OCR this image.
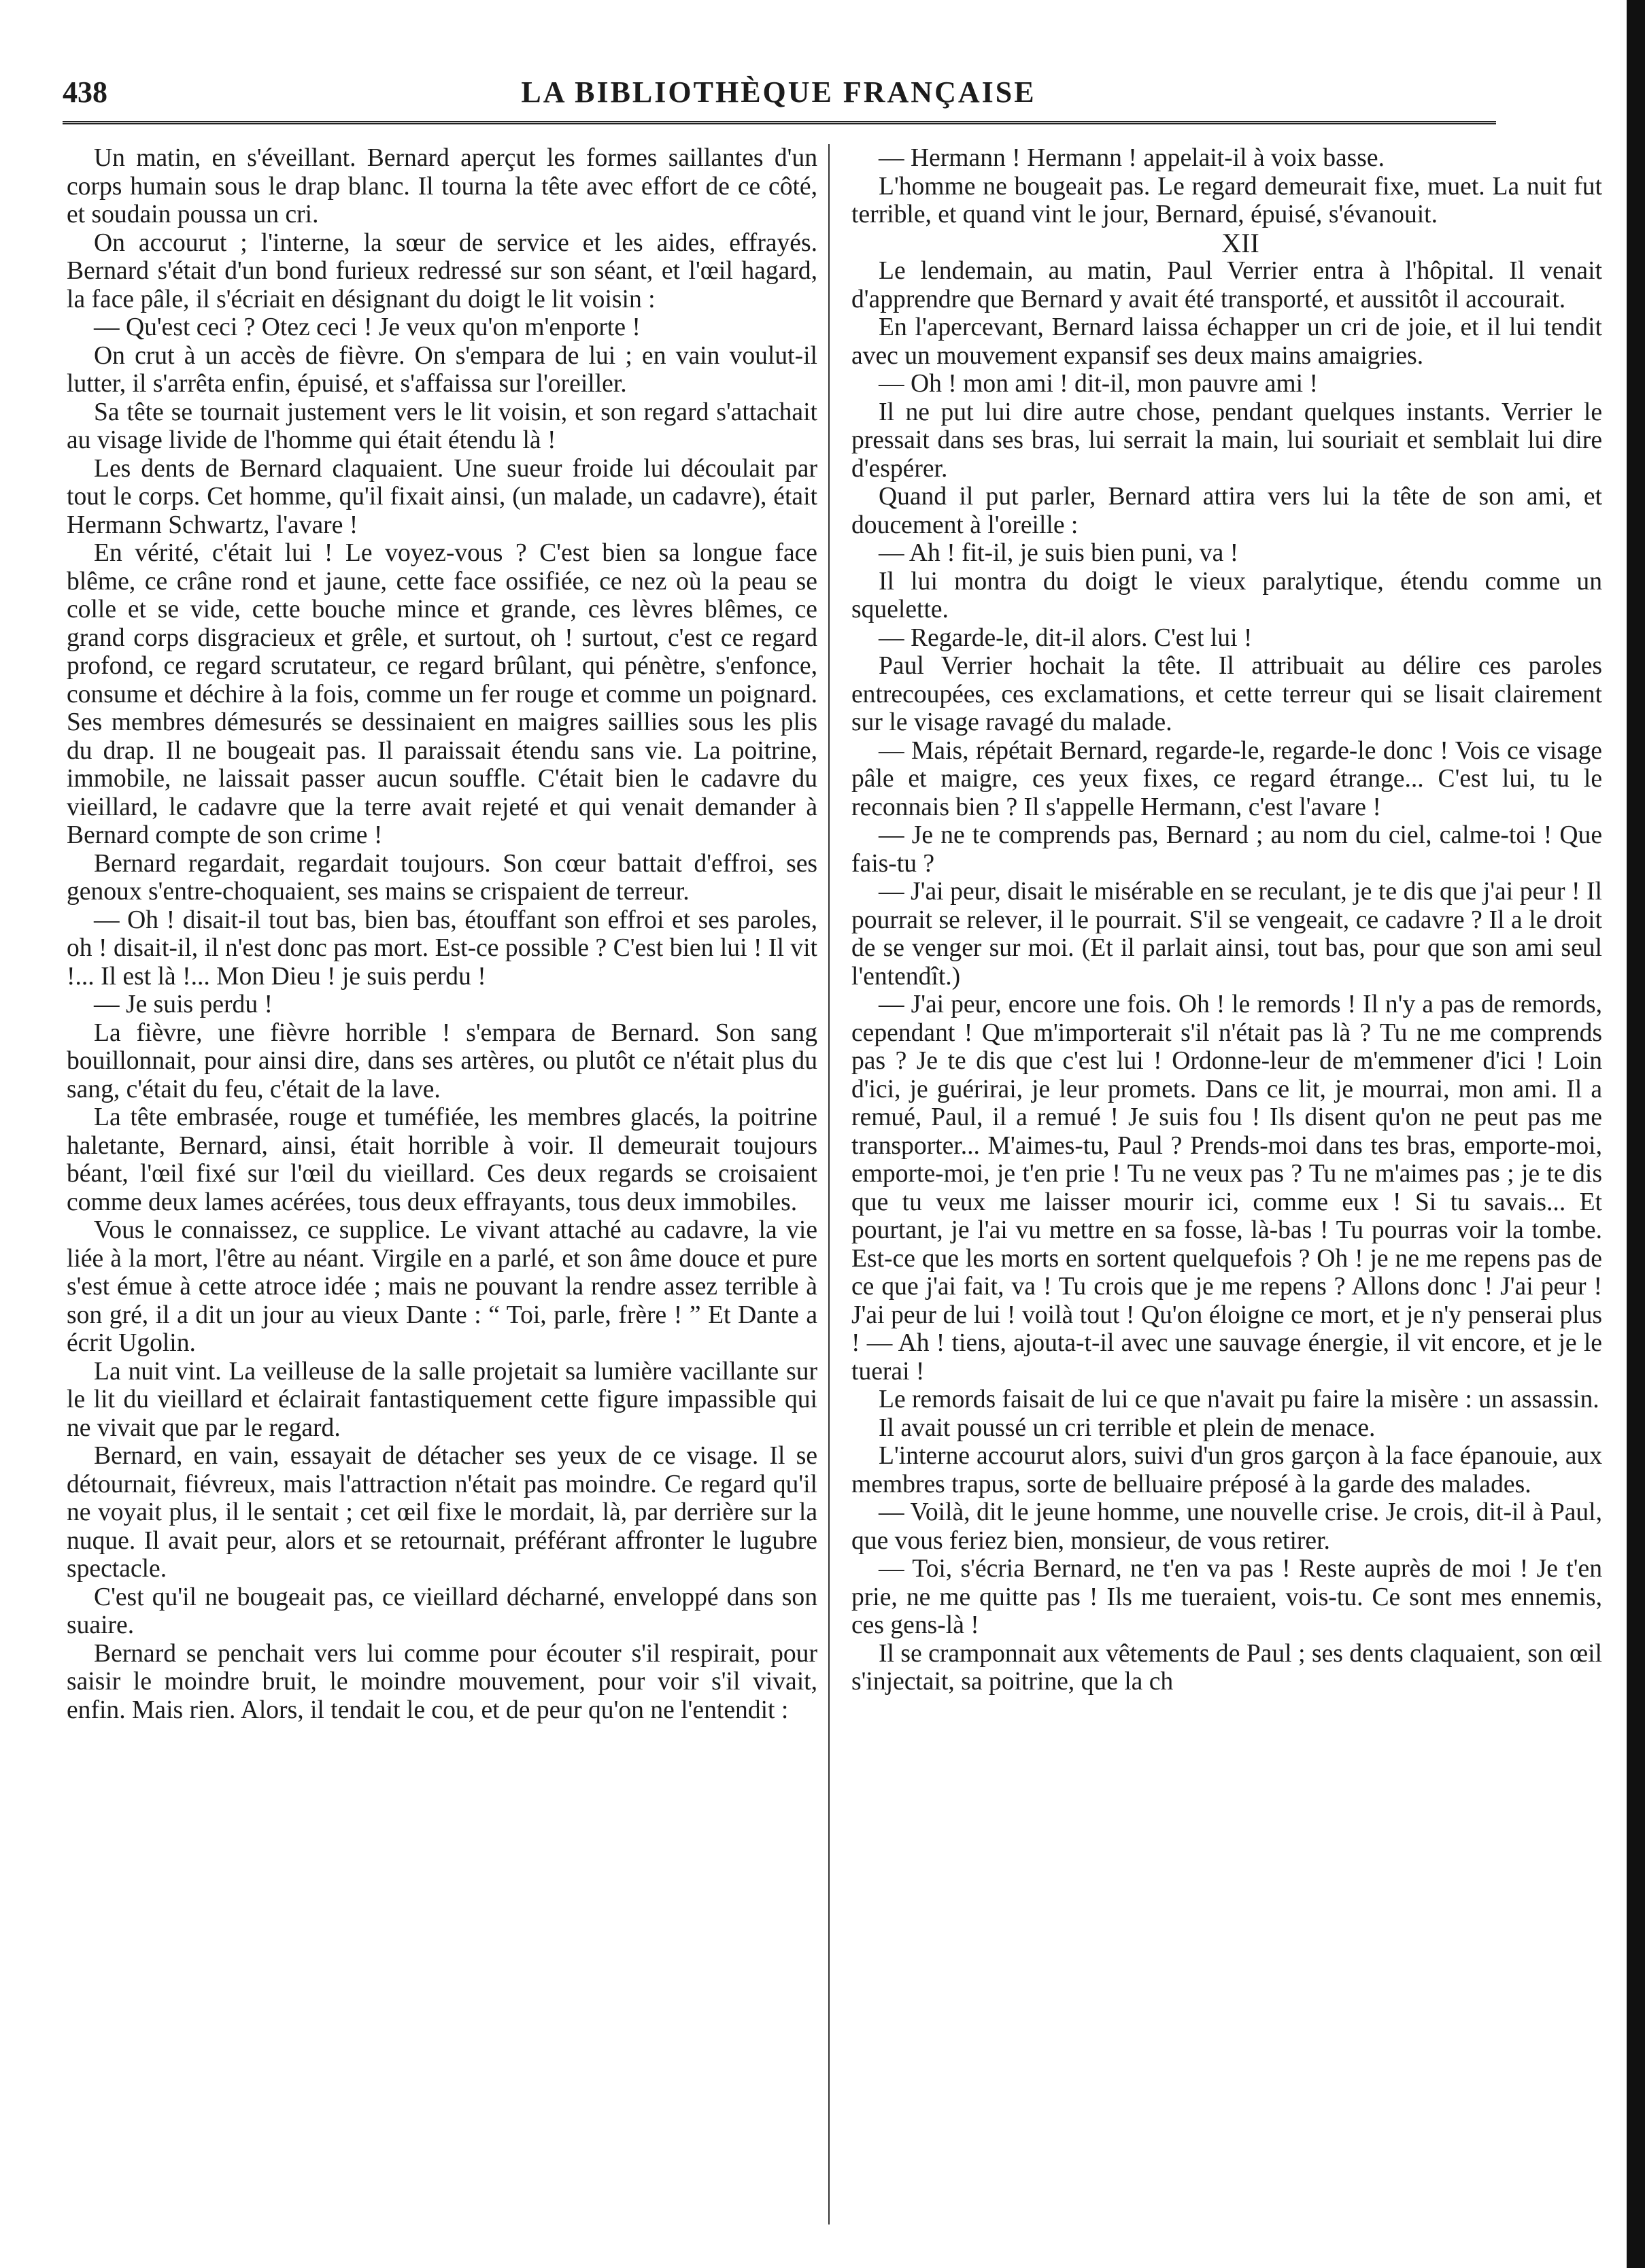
438	LA BIBLIOTHÈQUE FRANÇAISE

Un matin, en s'éveillant. Bernard aperçut les formes saillantes d'un corps humain sous le drap blanc. Il tourna la tête avec effort de ce côté, et soudain poussa un cri.

On accourut ; l'interne, la sœur de service et les aides, effrayés. Bernard s'était d'un bond furieux redressé sur son séant, et l'œil hagard, la face pâle, il s'écriait en désignant du doigt le lit voisin :

— Qu'est ceci ? Otez ceci ! Je veux qu'on m'enporte !

On crut à un accès de fièvre. On s'empara de lui ; en vain voulut-il lutter, il s'arrêta enfin, épuisé, et s'affaissa sur l'oreiller.

Sa tête se tournait justement vers le lit voisin, et son regard s'attachait au visage livide de l'homme qui était étendu là !

Les dents de Bernard claquaient. Une sueur froide lui découlait par tout le corps. Cet homme, qu'il fixait ainsi, (un malade, un cadavre), était Hermann Schwartz, l'avare !

En vérité, c'était lui ! Le voyez-vous ? C'est bien sa longue face blême, ce crâne rond et jaune, cette face ossifiée, ce nez où la peau se colle et se vide, cette bouche mince et grande, ces lèvres blêmes, ce grand corps disgracieux et grêle, et surtout, oh ! surtout, c'est ce regard profond, ce regard scrutateur, ce regard brûlant, qui pénètre, s'enfonce, consume et déchire à la fois, comme un fer rouge et comme un poignard. Ses membres démesurés se dessinaient en maigres saillies sous les plis du drap. Il ne bougeait pas. Il paraissait étendu sans vie. La poitrine, immobile, ne laissait passer aucun souffle. C'était bien le cadavre du vieillard, le cadavre que la terre avait rejeté et qui venait demander à Bernard compte de son crime !

Bernard regardait, regardait toujours. Son cœur battait d'effroi, ses genoux s'entre-choquaient, ses mains se crispaient de terreur.

— Oh ! disait-il tout bas, bien bas, étouffant son effroi et ses paroles, oh ! disait-il, il n'est donc pas mort. Est-ce possible ? C'est bien lui ! Il vit !... Il est là !... Mon Dieu ! je suis perdu !

— Je suis perdu !

La fièvre, une fièvre horrible ! s'empara de Bernard. Son sang bouillonnait, pour ainsi dire, dans ses artères, ou plutôt ce n'était plus du sang, c'était du feu, c'était de la lave.

La tête embrasée, rouge et tuméfiée, les membres glacés, la poitrine haletante, Bernard, ainsi, était horrible à voir. Il demeurait toujours béant, l'œil fixé sur l'œil du vieillard. Ces deux regards se croisaient comme deux lames acérées, tous deux effrayants, tous deux immobiles.

Vous le connaissez, ce supplice. Le vivant attaché au cadavre, la vie liée à la mort, l'être au néant. Virgile en a parlé, et son âme douce et pure s'est émue à cette atroce idée ; mais ne pouvant la rendre assez terrible à son gré, il a dit un jour au vieux Dante : “ Toi, parle, frère ! ” Et Dante a écrit Ugolin.

La nuit vint. La veilleuse de la salle projetait sa lumière vacillante sur le lit du vieillard et éclairait fantastiquement cette figure impassible qui ne vivait que par le regard.

Bernard, en vain, essayait de détacher ses yeux de ce visage. Il se détournait, fiévreux, mais l'attraction n'était pas moindre. Ce regard qu'il ne voyait plus, il le sentait ; cet œil fixe le mordait, là, par derrière sur la nuque. Il avait peur, alors et se retournait, préférant affronter le lugubre spectacle.

C'est qu'il ne bougeait pas, ce vieillard décharné, enveloppé dans son suaire.

Bernard se penchait vers lui comme pour écouter s'il respirait, pour saisir le moindre bruit, le moindre mouvement, pour voir s'il vivait, enfin. Mais rien. Alors, il tendait le cou, et de peur qu'on ne l'entendit :

— Hermann ! Hermann ! appelait-il à voix basse.

L'homme ne bougeait pas. Le regard demeurait fixe, muet. La nuit fut terrible, et quand vint le jour, Bernard, épuisé, s'évanouit.

XII

Le lendemain, au matin, Paul Verrier entra à l'hôpital. Il venait d'apprendre que Bernard y avait été transporté, et aussitôt il accourait.

En l'apercevant, Bernard laissa échapper un cri de joie, et il lui tendit avec un mouvement expansif ses deux mains amaigries.

— Oh ! mon ami ! dit-il, mon pauvre ami !

Il ne put lui dire autre chose, pendant quelques instants. Verrier le pressait dans ses bras, lui serrait la main, lui souriait et semblait lui dire d'espérer.

Quand il put parler, Bernard attira vers lui la tête de son ami, et doucement à l'oreille :

— Ah ! fit-il, je suis bien puni, va !

Il lui montra du doigt le vieux paralytique, étendu comme un squelette.

— Regarde-le, dit-il alors. C'est lui !

Paul Verrier hochait la tête. Il attribuait au délire ces paroles entrecoupées, ces exclamations, et cette terreur qui se lisait clairement sur le visage ravagé du malade.

— Mais, répétait Bernard, regarde-le, regarde-le donc ! Vois ce visage pâle et maigre, ces yeux fixes, ce regard étrange... C'est lui, tu le reconnais bien ? Il s'appelle Hermann, c'est l'avare !

— Je ne te comprends pas, Bernard ; au nom du ciel, calme-toi ! Que fais-tu ?

— J'ai peur, disait le misérable en se reculant, je te dis que j'ai peur ! Il pourrait se relever, il le pourrait. S'il se vengeait, ce cadavre ? Il a le droit de se venger sur moi. (Et il parlait ainsi, tout bas, pour que son ami seul l'entendît.)

— J'ai peur, encore une fois. Oh ! le remords ! Il n'y a pas de remords, cependant ! Que m'importerait s'il n'était pas là ? Tu ne me comprends pas ? Je te dis que c'est lui ! Ordonne-leur de m'emmener d'ici ! Loin d'ici, je guérirai, je leur promets. Dans ce lit, je mourrai, mon ami. Il a remué, Paul, il a remué ! Je suis fou ! Ils disent qu'on ne peut pas me transporter... M'aimes-tu, Paul ? Prends-moi dans tes bras, emporte-moi, emporte-moi, je t'en prie ! Tu ne veux pas ? Tu ne m'aimes pas ; je te dis que tu veux me laisser mourir ici, comme eux ! Si tu savais... Et pourtant, je l'ai vu mettre en sa fosse, là-bas ! Tu pourras voir la tombe. Est-ce que les morts en sortent quelquefois ? Oh ! je ne me repens pas de ce que j'ai fait, va ! Tu crois que je me repens ? Allons donc ! J'ai peur ! J'ai peur de lui ! voilà tout ! Qu'on éloigne ce mort, et je n'y penserai plus ! — Ah ! tiens, ajouta-t-il avec une sauvage énergie, il vit encore, et je le tuerai !

Le remords faisait de lui ce que n'avait pu faire la misère : un assassin.

Il avait poussé un cri terrible et plein de menace.

L'interne accourut alors, suivi d'un gros garçon à la face épanouie, aux membres trapus, sorte de belluaire préposé à la garde des malades.

— Voilà, dit le jeune homme, une nouvelle crise. Je crois, dit-il à Paul, que vous feriez bien, monsieur, de vous retirer.

— Toi, s'écria Bernard, ne t'en va pas ! Reste auprès de moi ! Je t'en prie, ne me quitte pas ! Ils me tueraient, vois-tu. Ce sont mes ennemis, ces gens-là !

Il se cramponnait aux vêtements de Paul ; ses dents claquaient, son œil s'injectait, sa poitrine, que la ch
